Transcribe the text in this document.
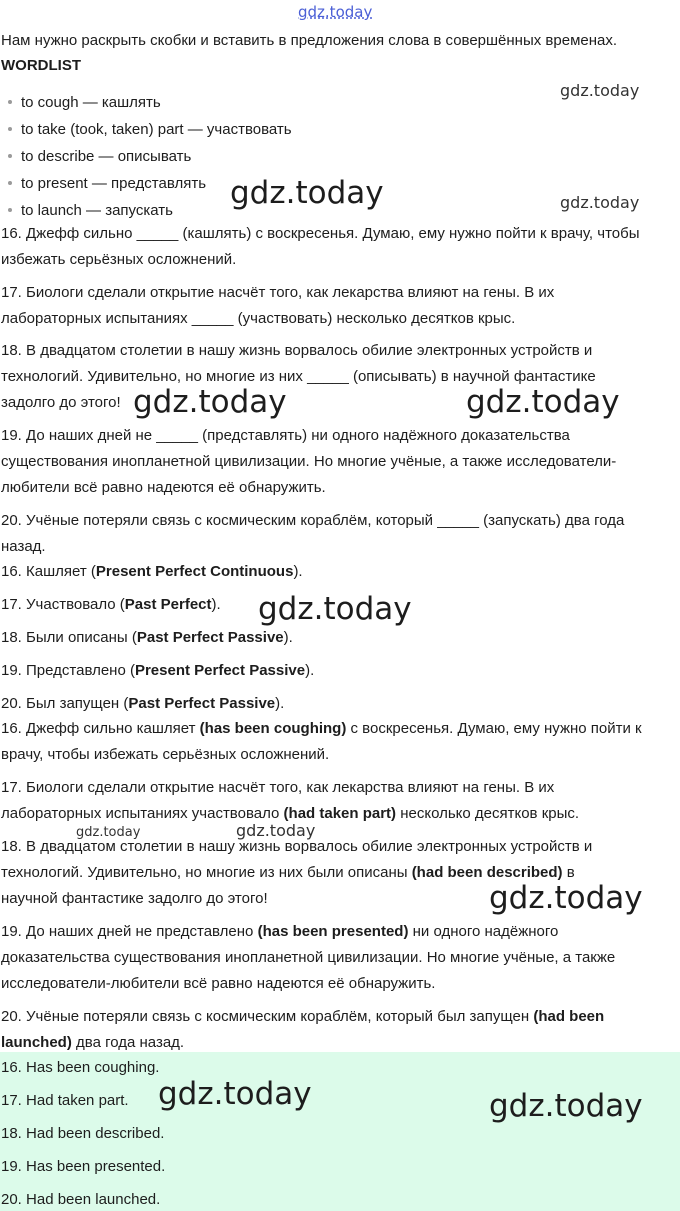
gdz.today
Нам нужно раскрыть скобки и вставить в предложения слова в совершённых временах.
WORDLIST
to cough — кашлять
to take (took, taken) part — участвовать
to describe — описывать
to present — представлять
to launch — запускать
16. Джефф сильно _____ (кашлять) с воскресенья. Думаю, ему нужно пойти к врачу, чтобы
избежать серьёзных осложнений.
17. Биологи сделали открытие насчёт того, как лекарства влияют на гены. В их
лабораторных испытаниях _____ (участвовать) несколько десятков крыс.
18. В двадцатом столетии в нашу жизнь ворвалось обилие электронных устройств и
технологий. Удивительно, но многие из них _____ (описывать) в научной фантастике
задолго до этого!
19. До наших дней не _____ (представлять) ни одного надёжного доказательства
существования инопланетной цивилизации. Но многие учёные, а также исследователи-
любители всё равно надеются её обнаружить.
20. Учёные потеряли связь с космическим кораблём, который _____ (запускать) два года
назад.
16. Кашляет (Present Perfect Continuous).
17. Участвовало (Past Perfect).
18. Были описаны (Past Perfect Passive).
19. Представлено (Present Perfect Passive).
20. Был запущен (Past Perfect Passive).
16. Джефф сильно кашляет (has been coughing) с воскресенья. Думаю, ему нужно пойти к
врачу, чтобы избежать серьёзных осложнений.
17. Биологи сделали открытие насчёт того, как лекарства влияют на гены. В их
лабораторных испытаниях участвовало (had taken part) несколько десятков крыс.
18. В двадцатом столетии в нашу жизнь ворвалось обилие электронных устройств и
технологий. Удивительно, но многие из них были описаны (had been described) в
научной фантастике задолго до этого!
19. До наших дней не представлено (has been presented) ни одного надёжного
доказательства существования инопланетной цивилизации. Но многие учёные, а также
исследователи-любители всё равно надеются её обнаружить.
20. Учёные потеряли связь с космическим кораблём, который был запущен (had been
launched) два года назад.
16. Has been coughing.
17. Had taken part.
18. Had been described.
19. Has been presented.
20. Had been launched.
gdz.today
gdz.today
gdz.today
gdz.today	gdz.today
gdz.today
gdz.today	gdz.today
gdz.today
gdz.today	gdz.today
